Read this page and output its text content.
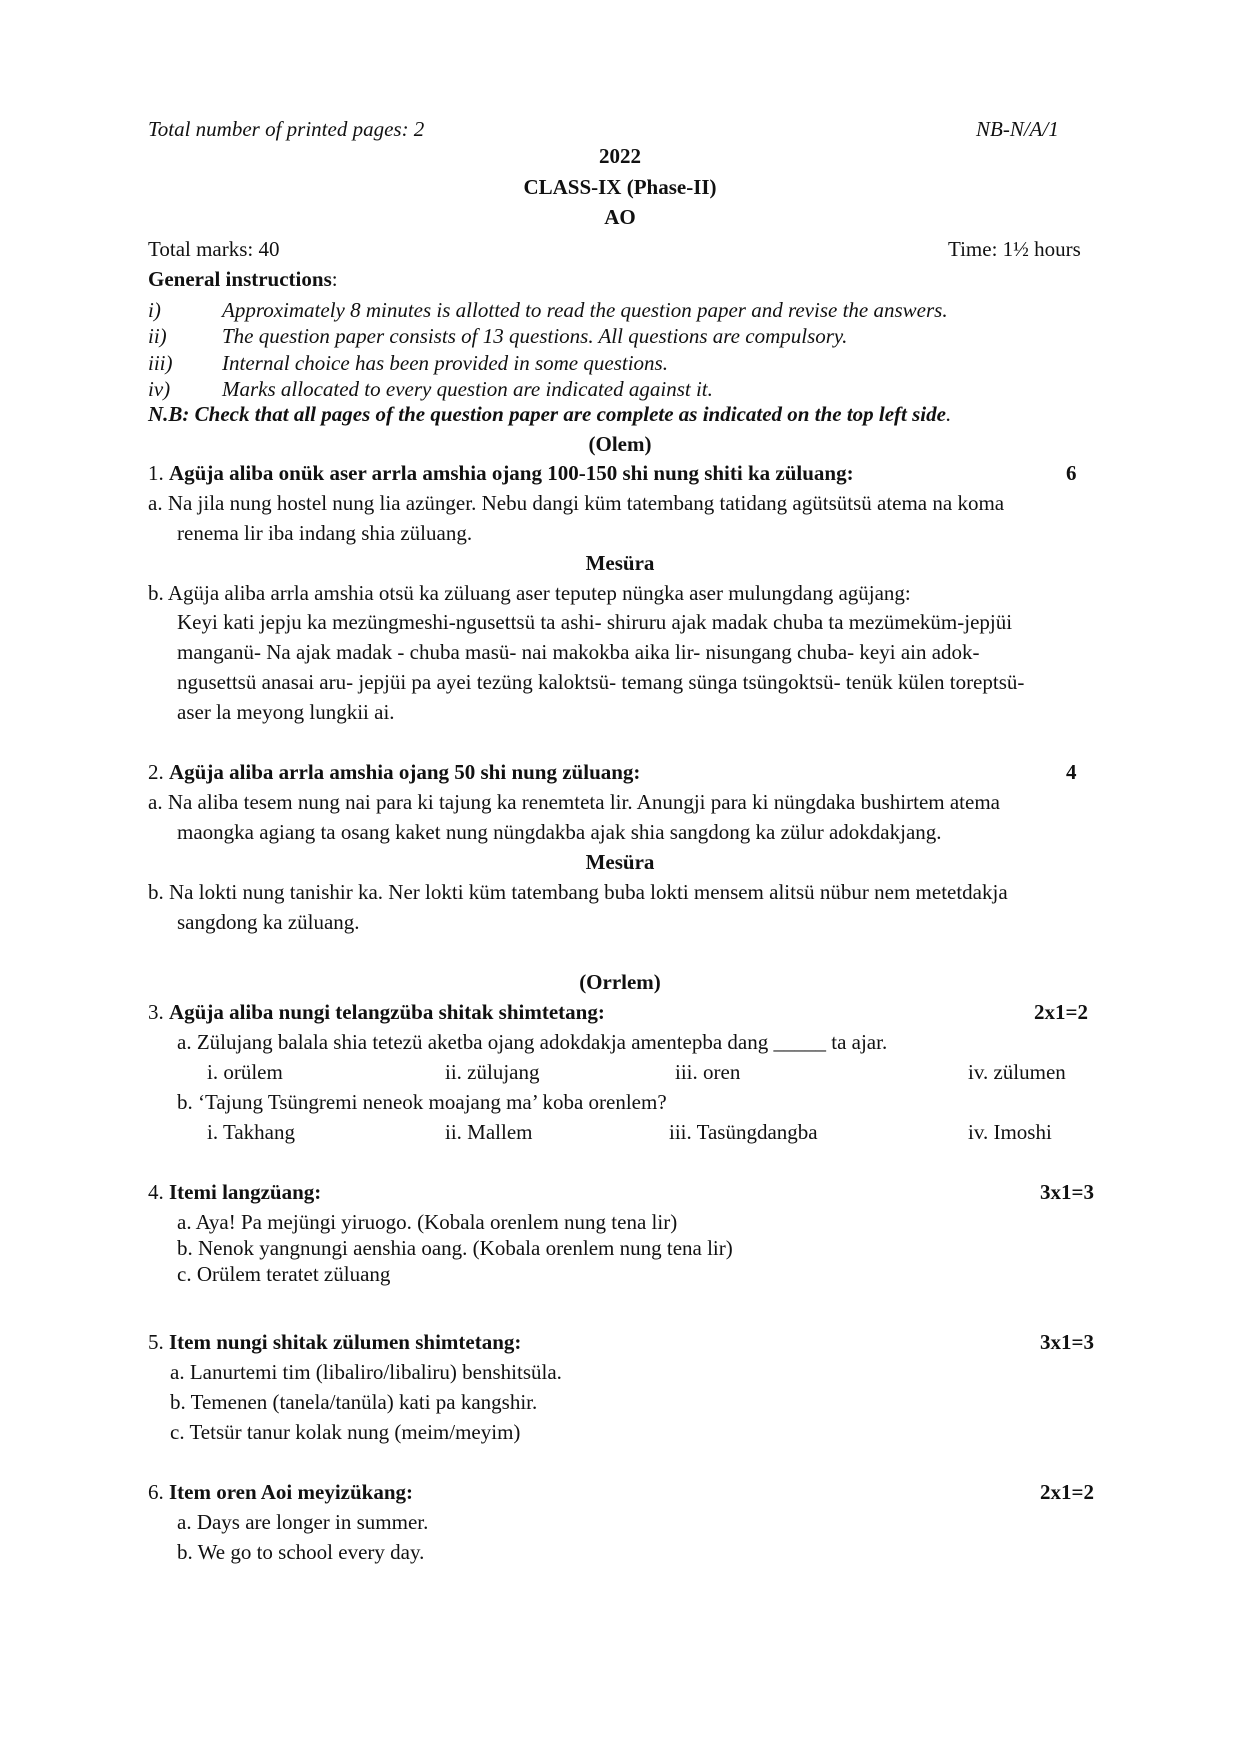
Total number of printed pages: 2	NB-N/A/1
2022
CLASS-IX (Phase-II)
AO
Total marks: 40	Time: 1½ hours
General instructions:
i)	Approximately 8 minutes is allotted to read the question paper and revise the answers.
ii)	The question paper consists of 13 questions. All questions are compulsory.
iii) Internal choice has been provided in some questions.
iv) Marks allocated to every question are indicated against it.
N.B: Check that all pages of the question paper are complete as indicated on the top left side.
(Olem)
1. Agüja aliba onük aser arrla amshia ojang 100-150 shi nung shiti ka züluang:	6
a. Na jila nung hostel nung lia azünger. Nebu dangi küm tatembang tatidang agütsütsü atema na koma
renema lir iba indang shia züluang.
Mesüra
b. Agüja aliba arrla amshia otsü ka züluang aser teputep nüngka aser mulungdang agüjang:
Keyi kati jepju ka mezüngmeshi-ngusettsü ta ashi- shiruru ajak madak chuba ta mezümeküm-jepjüi
manganü- Na ajak madak - chuba masü- nai makokba aika lir- nisungang chuba- keyi ain adok-
ngusettsü anasai aru- jepjüi pa ayei tezüng kaloktsü- temang sünga tsüngoktsü- tenük külen toreptsü-
aser la meyong lungkii ai.
2. Agüja aliba arrla amshia ojang 50 shi nung züluang:	4
a. Na aliba tesem nung nai para ki tajung ka renemteta lir. Anungji para ki nüngdaka bushirtem atema
maongka agiang ta osang kaket nung nüngdakba ajak shia sangdong ka zülur adokdakjang.
Mesüra
b. Na lokti nung tanishir ka. Ner lokti küm tatembang buba lokti mensem alitsü nübur nem metetdakja
sangdong ka züluang.
(Orrlem)
3. Agüja aliba nungi telangzüba shitak shimtetang:	2x1=2
a. Zülujang balala shia tetezü aketba ojang adokdakja amentepba dang _____ ta ajar.
i. orülem	ii. zülujang	iii. oren	iv. zülumen
b. ‘Tajung Tsüngremi neneok moajang ma’ koba orenlem?
i. Takhang	ii. Mallem	iii. Tasüngdangba	iv. Imoshi
4. Itemi langzüang:	3x1=3
a. Aya! Pa mejüngi yiruogo. (Kobala orenlem nung tena lir)
b. Nenok yangnungi aenshia oang. (Kobala orenlem nung tena lir)
c. Orülem teratet züluang
5. Item nungi shitak zülumen shimtetang:	3x1=3
a. Lanurtemi tim (libaliro/libaliru) benshitsüla.
b. Temenen (tanela/tanüla) kati pa kangshir.
c. Tetsür tanur kolak nung (meim/meyim)
6. Item oren Aoi meyizükang:	2x1=2
a. Days are longer in summer.
b. We go to school every day.
